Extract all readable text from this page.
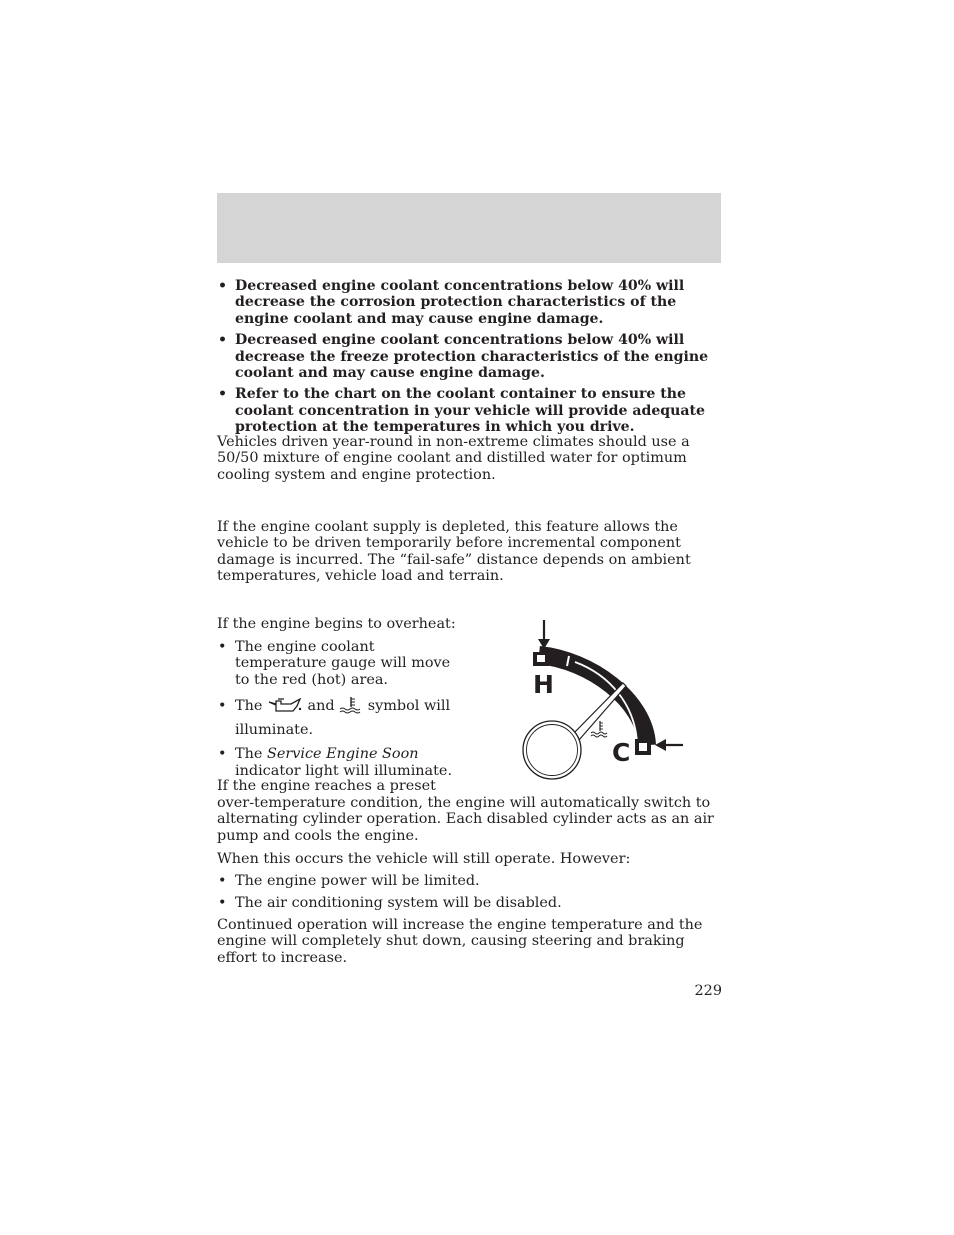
• Decreased engine coolant concentrations below 40% will decrease the corrosion protection characteristics of the engine coolant and may cause engine damage.
• Decreased engine coolant concentrations below 40% will decrease the freeze protection characteristics of the engine coolant and may cause engine damage.
• Refer to the chart on the coolant container to ensure the coolant concentration in your vehicle will provide adequate protection at the temperatures in which you drive.

Vehicles driven year-round in non-extreme climates should use a 50/50 mixture of engine coolant and distilled water for optimum cooling system and engine protection.

If the engine coolant supply is depleted, this feature allows the vehicle to be driven temporarily before incremental component damage is incurred. The “fail-safe” distance depends on ambient temperatures, vehicle load and terrain.

If the engine begins to overheat:

• The engine coolant temperature gauge will move to the red (hot) area.
• The	and symbol will illuminate.
• The Service Engine Soon indicator light will illuminate.

If the engine reaches a preset

over-temperature condition, the engine will automatically switch to alternating cylinder operation. Each disabled cylinder acts as an air pump and cools the engine.

When this occurs the vehicle will still operate. However:

• The engine power will be limited.
• The air conditioning system will be disabled.

Continued operation will increase the engine temperature and the engine will completely shut down, causing steering and braking effort to increase.

H
C
229
